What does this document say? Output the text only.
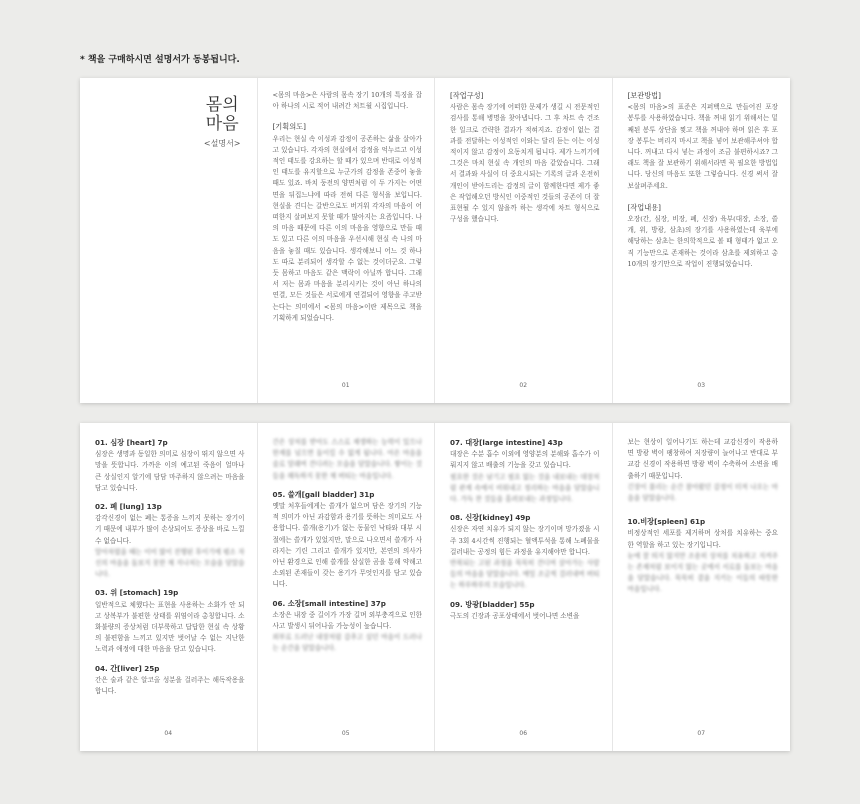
* 책을 구매하시면 설명서가 동봉됩니다.
몸의
마음
<설명서>
<몸의 마음>은 사람의 몸속 장기 10개의 특징을 잡아 하나의 시로 적어 내려간 처트월 시집입니다.
[기획의도]
우리는 현실 속 이성과 감정이 공존하는 삶을 살아가고 있습니다. 각자의 현실에서 감정을 억누르고 이성적인 태도를 강요하는 할 때가 있으며 반대로 이성적인 태도를 유지할으로 누군가의 감정을 존중어 놓을 때도 있죠. 바치 둥전의 양면처럼 이 두 가지는 어떤 면을 뒤집느냐에 따라 전혀 다른 형식을 보입니다. 현실을 견디는 갈반으로도 버거워 각자의 마음이 어떠한지 살펴보지 못할 때가 많아지는 요즘입니다. 나의 마음 때문에 다른 이의 마음을 영향으로 만들 때도 있고 다른 이의 마음을 우선시해 현실 속 나의 마음을 놓칠 때도 있습니다. 생각해보니 어느 것 하나도 따로 분리되어 생각할 수 없는 것이더군요. 그렇듯 몸하고 마음도 같은 맥락이 아닐까 합니다. 그래서 저는 몸과 마음을 분리시키는 것이 아닌 하나의 연결, 모든 것들은 서로에게 연결되어 영향을 주고받는다는 의미에서 <몸의 마음>이란 제목으로 책을 기획하게 되었습니다.
01
[작업구성]
사람은 몸속 장기에 어떠한 문제가 생길 시 전문적인 검사를 통해 병명을 찾아냅니다. 그 후 차트 속 건조한 일크로 간략한 결과가 적혀지죠. 감정이 없는 결과를 전달하는 이성적인 이와는 달리 듣는 이는 이성적이지 않고 감정이 요동치게 됩니다. 제가 느끼기에 그것은 마치 현실 속 개인의 마음 같았습니다. 그래서 결과와 사실이 더 중요시되는 기록의 글과 온전히 개인이 받아드리는 감정의 글이 함께한다면 제가 좋은 작업해오던 방식인 이중적인 것들의 공존이 더 잘 표현될 수 있지 않을까 하는 생각에 차트 형식으로 구성을 했습니다.
02
[보관방법]
<몸의 마음>의 표준은 지퍼백으로 만들어진 포장 봉투를 사용하였습니다. 책을 꺼내 읽기 위해서는 밑째된 봉투 상단을 찢고 책을 꺼내야 하며 읽은 후 포장 봉투는 버리지 마시고 책을 넣어 보관해주셔야 합니다. 꺼내고 다시 넣는 과정이 조금 불편하시죠? 그래도 책을 잘 보관하기 위해서라면 꼭 필요한 방법입니다. 당신의 마음도 또한 그렇습니다. 신경 써서 잘 보살펴주세요.
[작업내용]
오장(간, 심장, 비장, 폐, 신장) 육부(대장, 소장, 쓸개, 위, 방광, 삼초)의 장기를 사용하였는데 육부에 해당하는 삼초는 한의학적으로 볼 때 형태가 없고 오직 기능만으로 존재하는 것이라 삼초를 제외하고 총 10개의 장기만으로 작업이 진행되었습니다.
03
01. 심장 [heart] 7p
심장은 생명과 동일한 의미로 심장이 뛰지 않으면 사망을 뜻합니다. 가까운 이의 예고된 죽음이 얼마나 큰 상실인지 알기에 담담 마주하지 않으려는 마음을 담고 있습니다.
02. 폐 [lung] 13p
감각신경이 없는 폐는 통증을 느끼지 못하는 장기이기 때문에 내부가 많이 손상되어도 증상을 바로 느낄 수 없습니다.
알아차렸을 때는 이미 많이 진행된 후이기에 평소 자신의 마음을 돌보지 못한 채 지나치는 모습을 담았습니다.
03. 위 [stomach] 19p
일반적으로 체했다는 표현을 사용하는 소화가 안 되고 상복부가 불편한 상태를 위염이라 총칭합니다. 소화불량의 증상처럼 더부룩하고 답답한 현실 속 상황의 불편함을 느끼고 있지만 벗어날 수 없는 지난한 노력과 애정에 대한 마음을 담고 있습니다.
04. 간[liver] 25p
간은 술과 같은 알코올 성분을 걸러주는 해독작용을 합니다.
04
간은 상처를 받아도 스스로 재생하는 능력이 있으나 한계를 넘으면 돌이킬 수 없게 됩니다. 아픈 마음을 술로 달래며 견디려는 모습을 담았습니다. 쌓이는 것들을 해독하지 못한 채 버티는 마음입니다.
05. 쓸개[gall bladder] 31p
옛말 처후들에게는 쓸개가 없으며 담은 장기의 기능적 의미가 아닌 과감함과 용기를 뜻하는 의미로도 사용합니다. 쓸개(용기)가 없는 동물인 낙타와 대부 시절에는 쓸개가 있었지만, 말으로 나오면서 쓸개가 사라지는 기린 그리고 쓸개가 있지만, 본연의 의사가 아닌 환경으로 인해 쓸개를 삼실한 곰을 통해 약해고 소외된 존재들이 갖는 용기가 무엇인지를 담고 있습니다.
06. 소장[small intestine] 37p
소장은 내장 중 길이가 가장 길며 외부충격으로 인한 사고 발생시 뒤어나올 가능성이 높습니다.
외부로 드러난 내장처럼 감추고 싶던 마음이 드러나는 순간을 담았습니다.
05
07. 대장[large intestine] 43p
대장은 수분 흡수 이외에 영양분의 분해와 흡수가 이뤄지지 않고 배출의 기능을 갖고 있습니다.
필요한 것은 남기고 필요 없는 것을 내보내는 대장처럼 관계 속에서 비워내고 정리하는 마음을 담았습니다. 가득 찬 것들을 흘려보내는 과정입니다.
08. 신장[kidney] 49p
신장은 자연 치유가 되지 않는 장기이며 망가졌을 시 주 3회 4시간씩 진행되는 혈액투석을 통해 노폐물을 걸러내는 공정의 힘든 과정을 유지해야만 합니다.
반복되는 고된 과정을 묵묵히 견디며 살아가는 사람들의 마음을 담았습니다. 매일 조금씩 걸러내며 버티는 하루하루의 모습입니다.
09. 방광[bladder] 55p
극도의 긴장과 공포상태에서 벗어나면 소변을
06
보는 현상이 일어나기도 하는데 교감신경이 작용하면 방광 벽이 팽창하여 저장량이 늘어나고 반대로 부교감 신경이 작용하면 방광 벽이 수축하여 소변을 배출하기 때문입니다.
긴장이 풀리는 순간 참아왔던 감정이 터져 나오는 마음을 담았습니다.
10.비장[spleen] 61p
비정상적인 세포를 제거하며 상처를 치유하는 중요한 역할을 하고 있는 장기입니다.
눈에 잘 띄지 않지만 조용히 상처를 치유하고 지켜주는 존재처럼 보이지 않는 곳에서 서로를 돌보는 마음을 담았습니다. 묵묵히 곁을 지키는 이들의 따뜻한 마음입니다.
07
